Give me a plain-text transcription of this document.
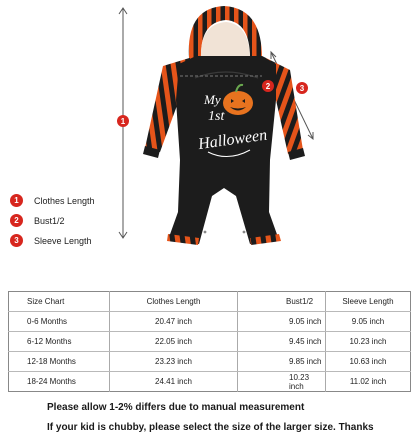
My
1st
Halloween
1
2	3
1	Clothes Length
2	Bust1/2
3	Sleeve Length
Size Chart	Clothes Length	Bust1/2	Sleeve Length
0-6 Months	20.47 inch	9.05 inch	9.05 inch
6-12 Months	22.05 inch	9.45 inch	10.23 inch
12-18 Months	23.23 inch	9.85 inch	10.63 inch
18-24 Months	24.41 inch	10.23 inch	11.02 inch
Please allow 1-2% differs due to manual measurement
If your kid is chubby, please select the size of the larger size. Thanks
